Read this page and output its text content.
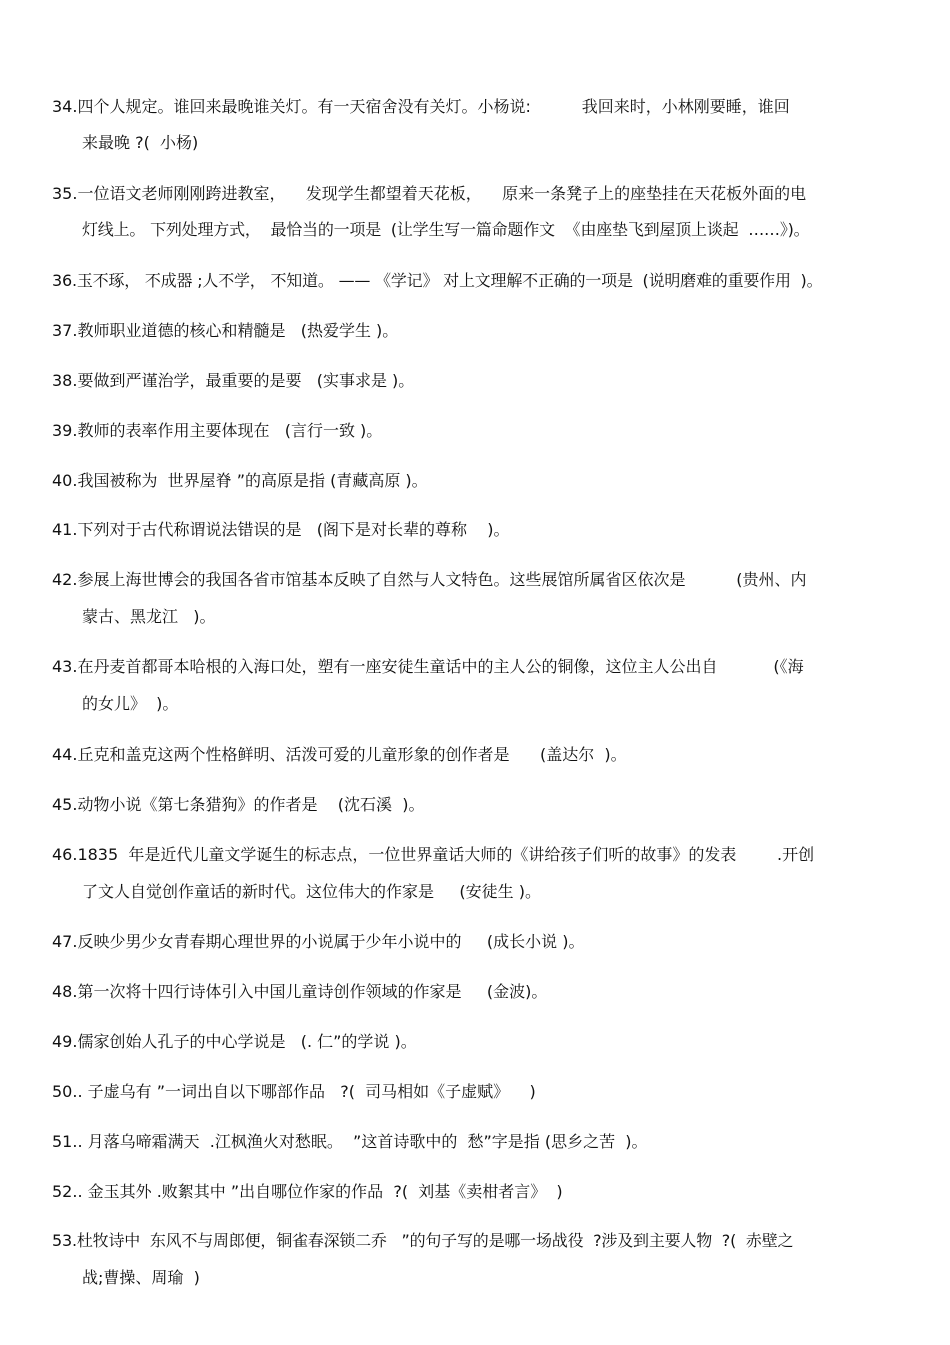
34.四个人规定。谁回来最晚谁关灯。有一天宿舍没有关灯。小杨说:          我回来时，小林刚要睡，谁回
来最晚 ?(  小杨)
35.一位语文老师刚刚跨进教室，    发现学生都望着天花板，    原来一条凳子上的座垫挂在天花板外面的电
灯线上。 下列处理方式，  最恰当的一项是  (让学生写一篇命题作文  《由座垫飞到屋顶上谈起  ……》)。
36.玉不琢， 不成器 ;人不学， 不知道。 —— 《学记》 对上文理解不正确的一项是  (说明磨难的重要作用  )。
37.教师职业道德的核心和精髓是   (热爱学生 )。
38.要做到严谨治学，最重要的是要   (实事求是 )。
39.教师的表率作用主要体现在   (言行一致 )。
40.我国被称为  世界屋脊 ”的高原是指 (青藏高原 )。
41.下列对于古代称谓说法错误的是   (阁下是对长辈的尊称    )。
42.参展上海世博会的我国各省市馆基本反映了自然与人文特色。这些展馆所属省区依次是          (贵州、内
蒙古、黑龙江   )。
43.在丹麦首都哥本哈根的入海口处，塑有一座安徒生童话中的主人公的铜像，这位主人公出自           (《海
的女儿》  )。
44.丘克和盖克这两个性格鲜明、活泼可爱的儿童形象的创作者是      (盖达尔  )。
45.动物小说《第七条猎狗》的作者是    (沈石溪  )。
46.1835  年是近代儿童文学诞生的标志点，一位世界童话大师的《讲给孩子们听的故事》的发表        .开创
了文人自觉创作童话的新时代。这位伟大的作家是     (安徒生 )。
47.反映少男少女青春期心理世界的小说属于少年小说中的     (成长小说 )。
48.第一次将十四行诗体引入中国儿童诗创作领域的作家是     (金波)。
49.儒家创始人孔子的中心学说是   (. 仁”的学说 )。
50.. 子虚乌有 ”一词出自以下哪部作品   ?(  司马相如《子虚赋》    )
51.. 月落乌啼霜满天  .江枫渔火对愁眠。  ”这首诗歌中的  愁”字是指 (思乡之苦  )。
52.. 金玉其外 .败絮其中 ”出自哪位作家的作品  ?(  刘基《卖柑者言》  )
53.杜牧诗中  东风不与周郎便，铜雀春深锁二乔   ”的句子写的是哪一场战役  ?涉及到主要人物  ?(  赤壁之
战;曹操、周瑜  )
